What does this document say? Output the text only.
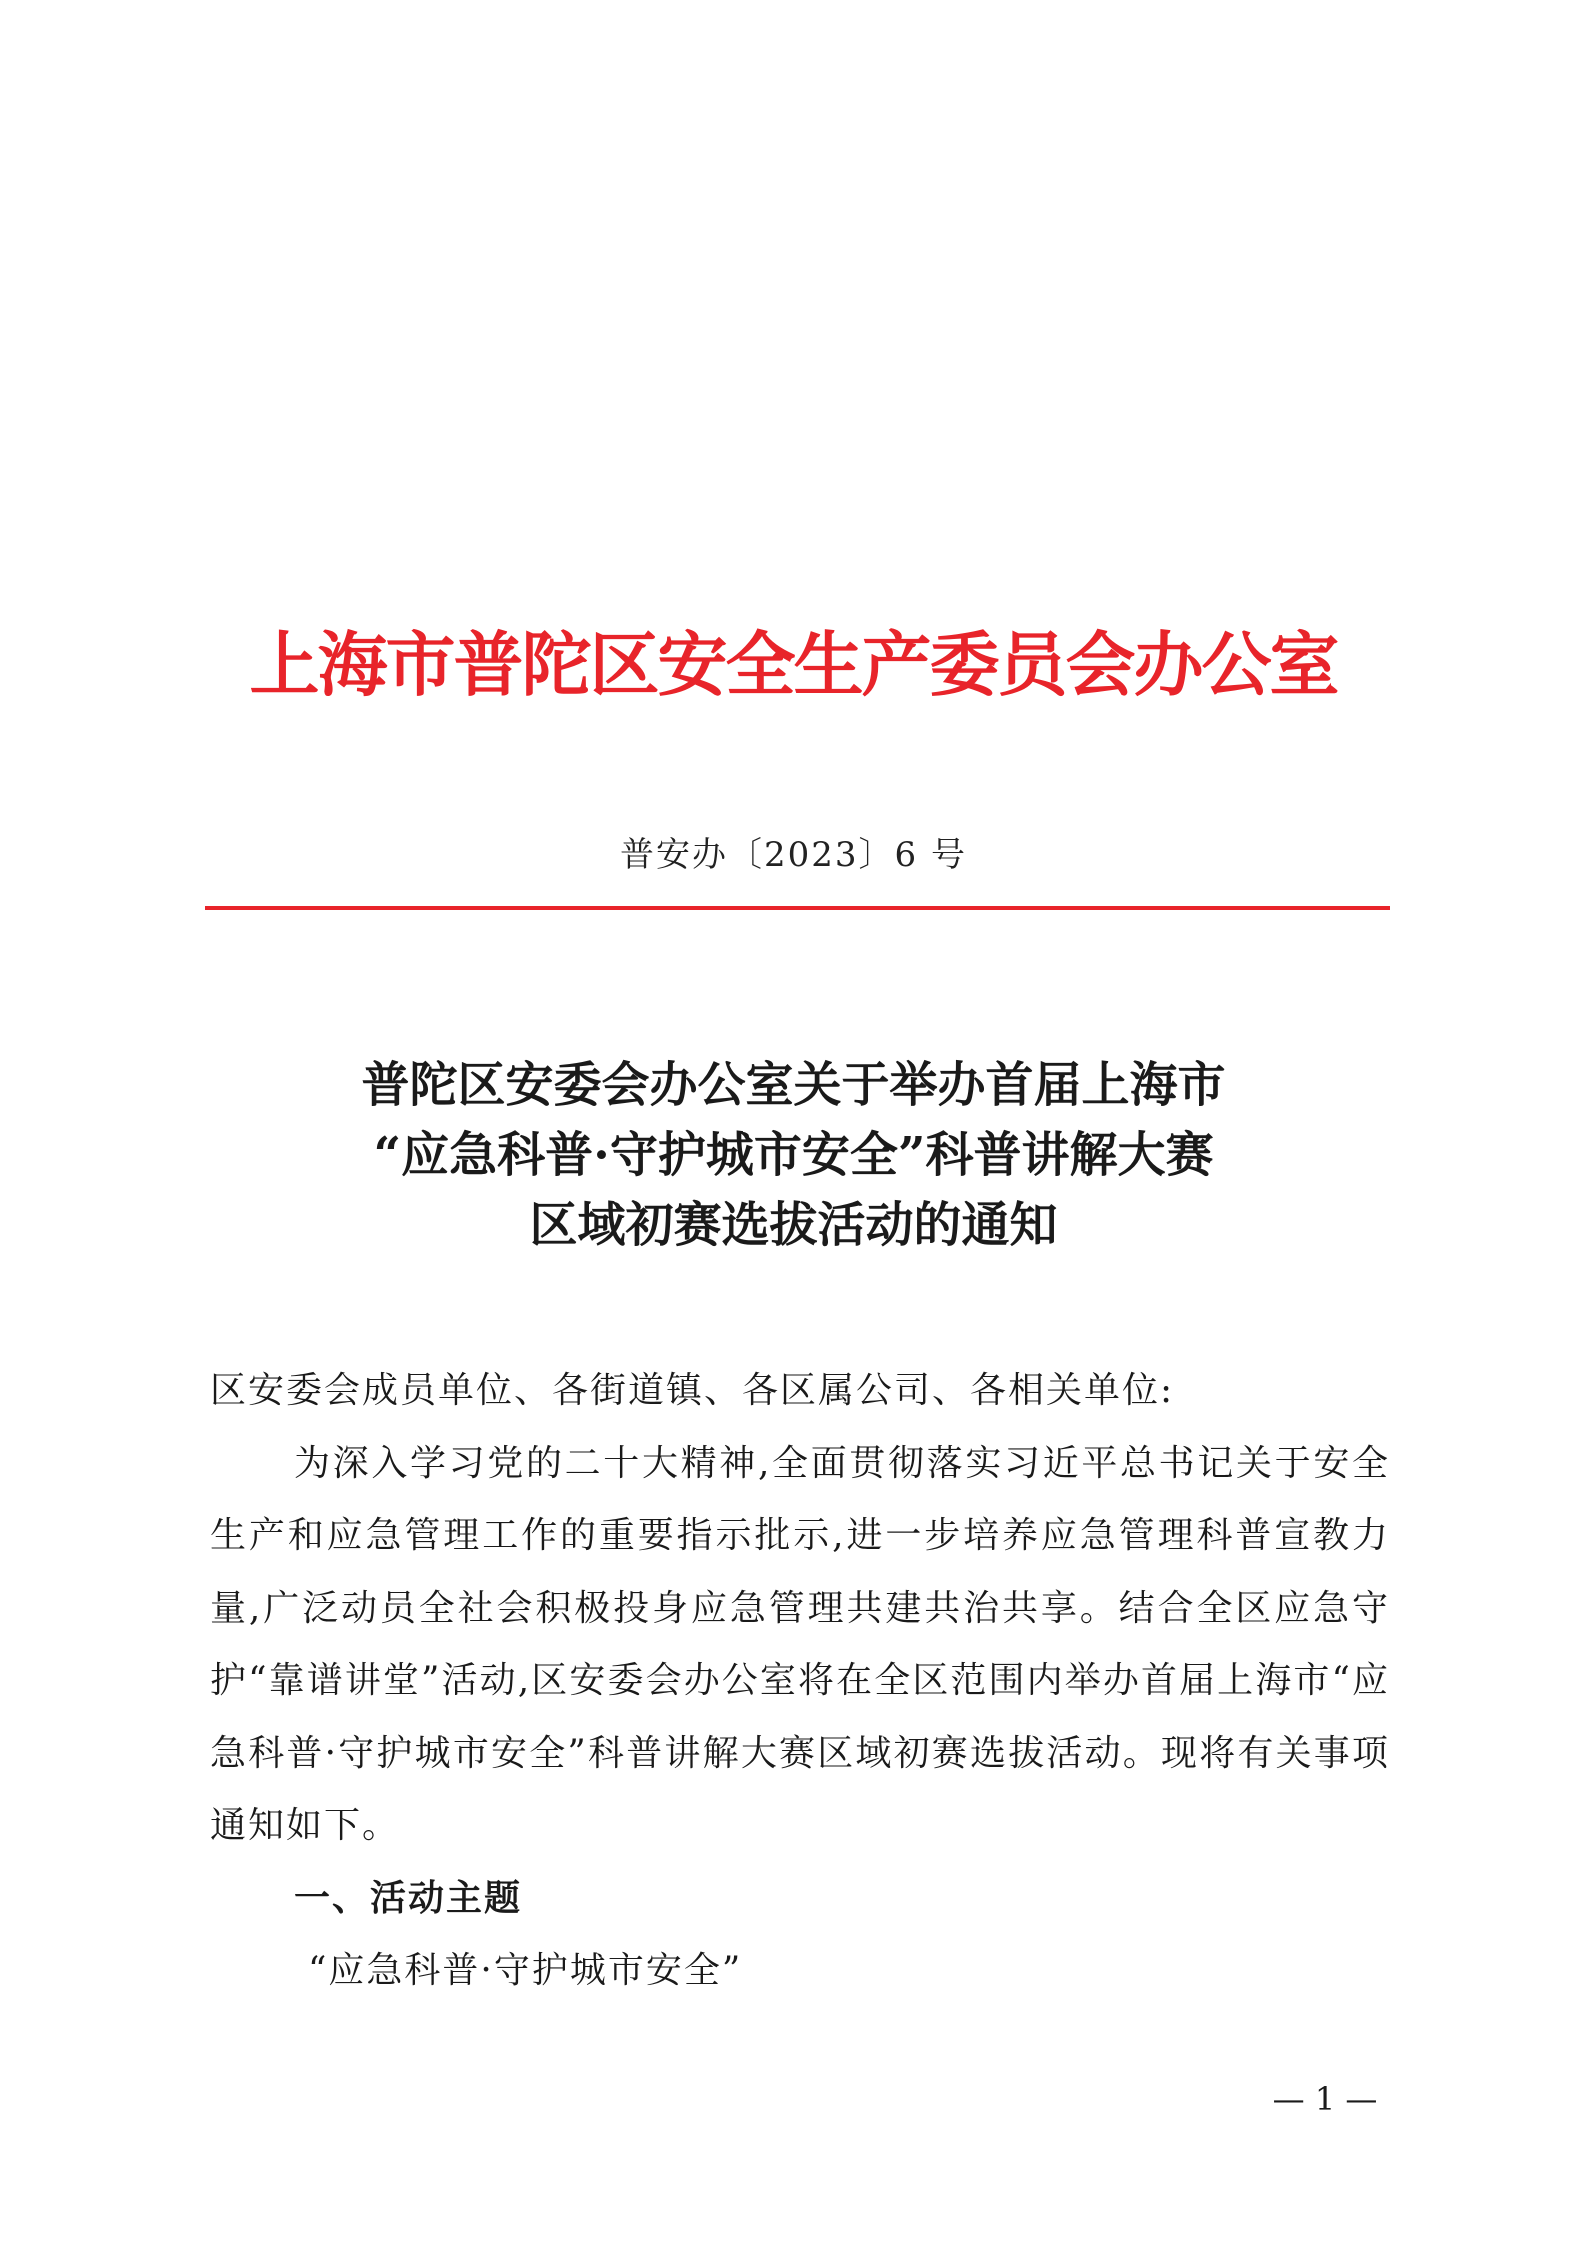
上海市普陀区安全生产委员会办公室
普安办〔2023〕6 号
普陀区安委会办公室关于举办首届上海市
“应急科普·守护城市安全”科普讲解大赛
区域初赛选拔活动的通知
区安委会成员单位、各街道镇、各区属公司、各相关单位:

为深入学习党的二十大精神,全面贯彻落实习近平总书记关于安全生产和应急管理工作的重要指示批示,进一步培养应急管理科普宣教力量,广泛动员全社会积极投身应急管理共建共治共享。结合全区应急守护“靠谱讲堂”活动,区安委会办公室将在全区范围内举办首届上海市“应急科普·守护城市安全”科普讲解大赛区域初赛选拔活动。现将有关事项通知如下。

一、活动主题
“应急科普·守护城市安全”
— 1 —
